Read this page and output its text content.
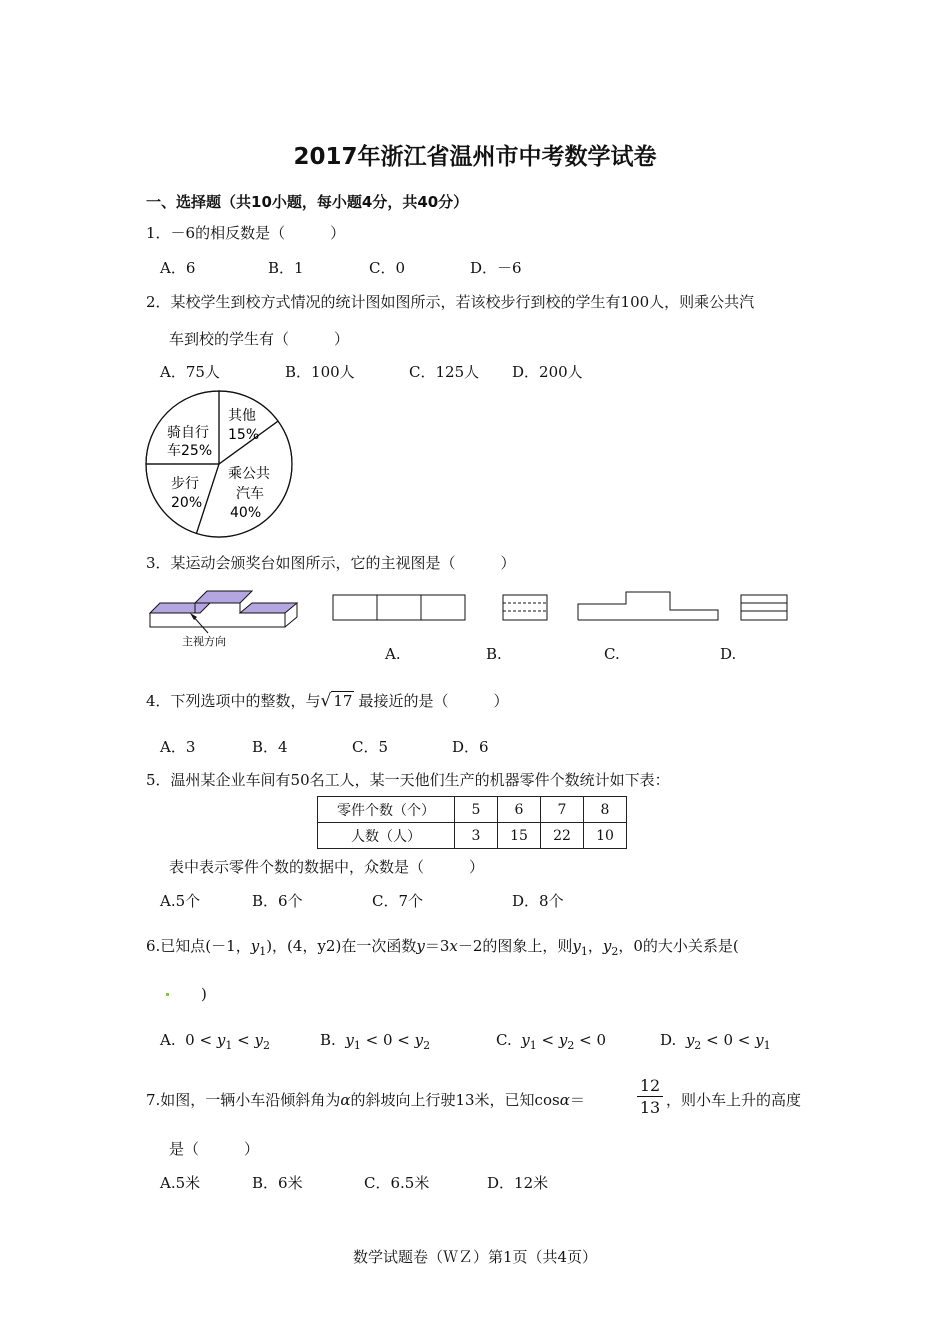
2017年浙江省温州市中考数学试卷
一、选择题（共10小题，每小题4分，共40分）
1．－6的相反数是（　　　）
A．6	B．1	C．0	D．－6
2．某校学生到校方式情况的统计图如图所示，若该校步行到校的学生有100人，则乘公共汽
车到校的学生有（　　　）
A．75人	B．100人	C．125人 D．200人
其他
15%
骑自行
车25%
步行
20%
乘公共
汽车
40%
3．某运动会颁奖台如图所示，它的主视图是（　　　）
主视方向
A.	B.	C.	D.
4．下列选项中的整数，与√ 17 最接近的是（　　　）
A．3	B．4	C．5	D．6
5．温州某企业车间有50名工人，某一天他们生产的机器零件个数统计如下表：
零件个数（个）	5	6	7	8
人数（人）	3	15	22	10
表中表示零件个数的数据中，众数是（　　　）
A.5个	B．6个	C．7个	D．8个
6.已知点(－1，$y_1$)，(4，y2)在一次函数y＝3x－2的图象上，则$y_1$，$y_2$，0的大小关系是(
)
A. $0 < y_1 < y_2$	B. $y_1 < 0 < y_2$	C. $y_1 < y_2 < 0$	D. $y_2 < 0 < y_1$
7.如图，一辆小车沿倾斜角为α的斜坡向上行驶13米，已知cosα＝	$\frac{12}{13}$ ，则小车上升的高度
是（　　　）
A.5米	B．6米	C．6.5米	D．12米
数学试题卷（ＷＺ）第1页（共4页）
